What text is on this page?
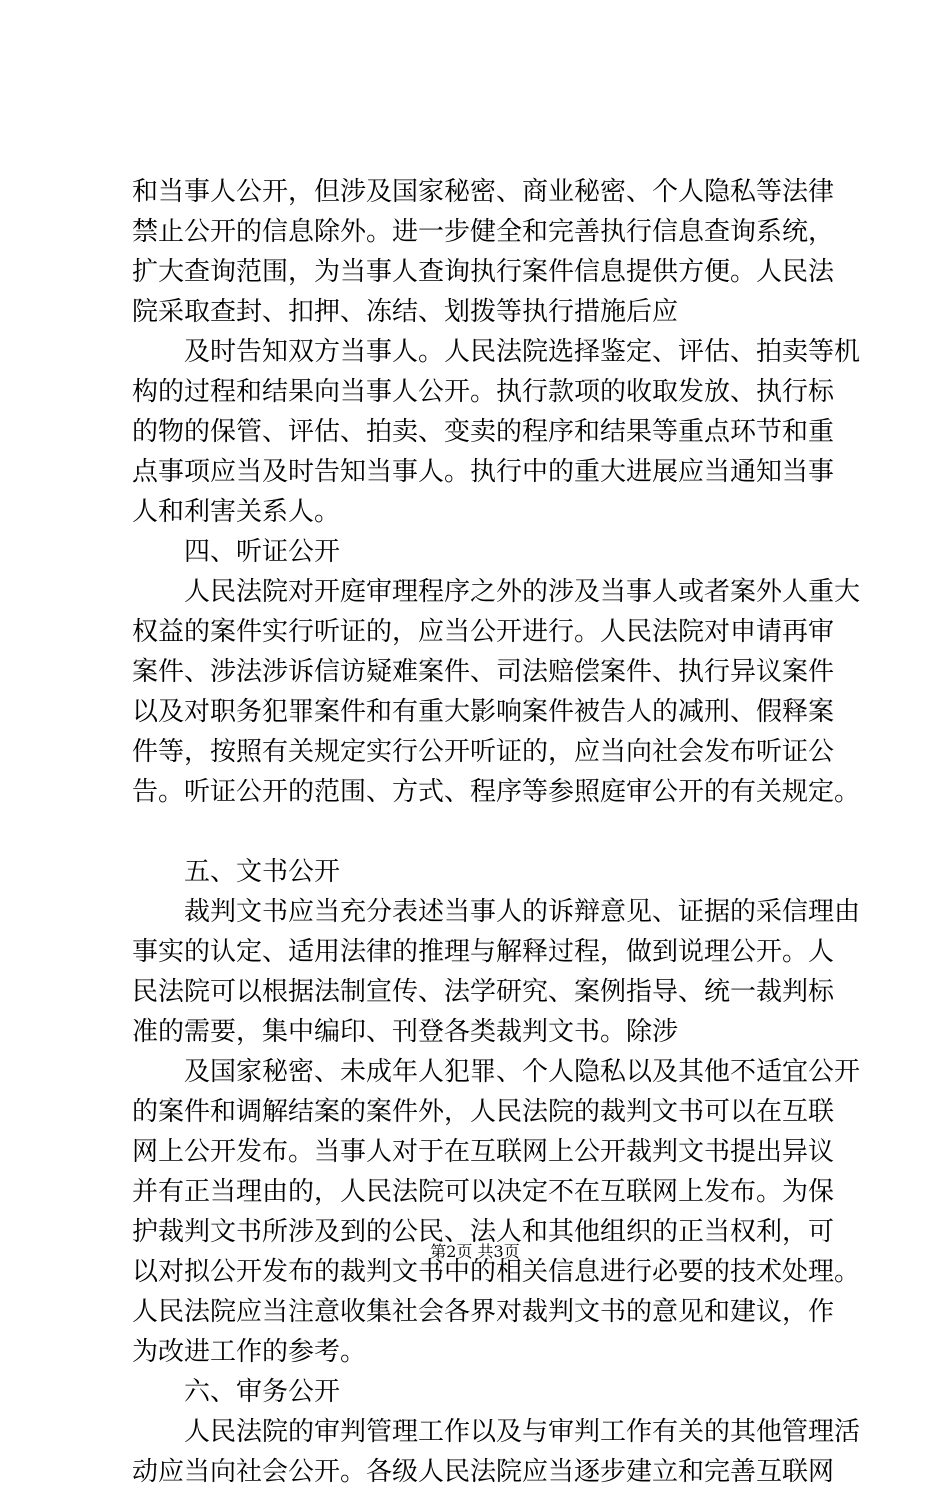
和当事人公开，但涉及国家秘密、商业秘密、个人隐私等法律
禁止公开的信息除外。进一步健全和完善执行信息查询系统，
扩大查询范围，为当事人查询执行案件信息提供方便。人民法
院采取查封、扣押、冻结、划拨等执行措施后应
及时告知双方当事人。人民法院选择鉴定、评估、拍卖等机
构的过程和结果向当事人公开。执行款项的收取发放、执行标
的物的保管、评估、拍卖、变卖的程序和结果等重点环节和重
点事项应当及时告知当事人。执行中的重大进展应当通知当事
人和利害关系人。
四、听证公开
人民法院对开庭审理程序之外的涉及当事人或者案外人重大
权益的案件实行听证的，应当公开进行。人民法院对申请再审
案件、涉法涉诉信访疑难案件、司法赔偿案件、执行异议案件
以及对职务犯罪案件和有重大影响案件被告人的减刑、假释案
件等，按照有关规定实行公开听证的，应当向社会发布听证公
告。听证公开的范围、方式、程序等参照庭审公开的有关规定。
五、文书公开
裁判文书应当充分表述当事人的诉辩意见、证据的采信理由
事实的认定、适用法律的推理与解释过程，做到说理公开。人
民法院可以根据法制宣传、法学研究、案例指导、统一裁判标
准的需要，集中编印、刊登各类裁判文书。除涉
及国家秘密、未成年人犯罪、个人隐私以及其他不适宜公开
的案件和调解结案的案件外，人民法院的裁判文书可以在互联
网上公开发布。当事人对于在互联网上公开裁判文书提出异议
并有正当理由的，人民法院可以决定不在互联网上发布。为保
护裁判文书所涉及到的公民、法人和其他组织的正当权利，可
以对拟公开发布的裁判文书中的相关信息进行必要的技术处理。
人民法院应当注意收集社会各界对裁判文书的意见和建议，作
为改进工作的参考。
六、审务公开
人民法院的审判管理工作以及与审判工作有关的其他管理活
动应当向社会公开。各级人民法院应当逐步建立和完善互联网
第2页 共3页
